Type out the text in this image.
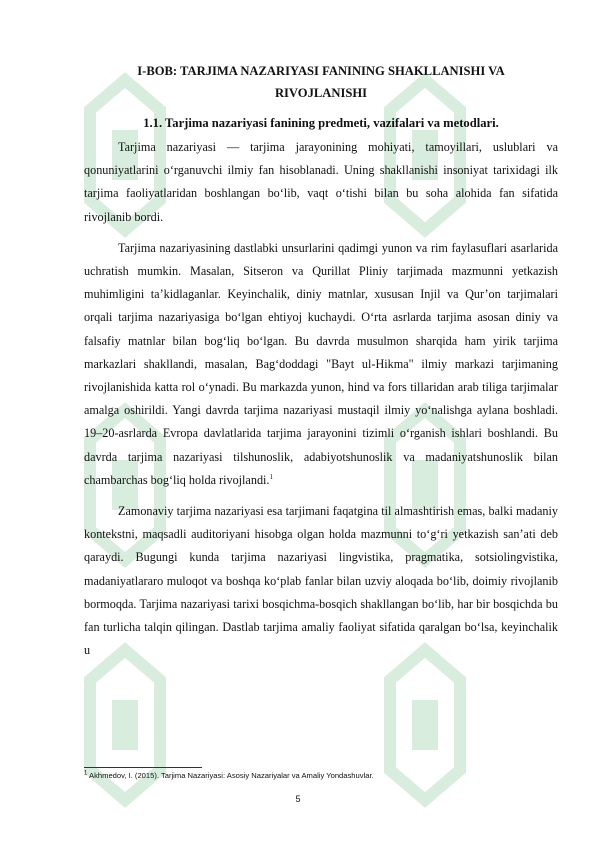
I-BOB: TARJIMA NAZARIYASI FANINING SHAKLLANISHI VA
RIVOJLANISHI

1.1. Tarjima nazariyasi fanining predmeti, vazifalari va metodlari.

Tarjima nazariyasi — tarjima jarayonining mohiyati, tamoyillari, uslublari va qonuniyatlarini o‘rganuvchi ilmiy fan hisoblanadi. Uning shakllanishi insoniyat tarixidagi ilk tarjima faoliyatlaridan boshlangan bo‘lib, vaqt o‘tishi bilan bu soha alohida fan sifatida rivojlanib bordi.

Tarjima nazariyasining dastlabki unsurlarini qadimgi yunon va rim faylasuflari asarlarida uchratish mumkin. Masalan, Sitseron va Qurillat Pliniy tarjimada mazmunni yetkazish muhimligini ta’kidlaganlar. Keyinchalik, diniy matnlar, xususan Injil va Qur’on tarjimalari orqali tarjima nazariyasiga bo‘lgan ehtiyoj kuchaydi. O‘rta asrlarda tarjima asosan diniy va falsafiy matnlar bilan bog‘liq bo‘lgan. Bu davrda musulmon sharqida ham yirik tarjima markazlari shakllandi, masalan, Bag‘doddagi "Bayt ul-Hikma" ilmiy markazi tarjimaning rivojlanishida katta rol o‘ynadi. Bu markazda yunon, hind va fors tillaridan arab tiliga tarjimalar amalga oshirildi. Yangi davrda tarjima nazariyasi mustaqil ilmiy yo‘nalishga aylana boshladi. 19–20-asrlarda Evropa davlatlarida tarjima jarayonini tizimli o‘rganish ishlari boshlandi. Bu davrda tarjima nazariyasi tilshunoslik, adabiyotshunoslik va madaniyatshunoslik bilan chambarchas bog‘liq holda rivojlandi.$^1$

Zamonaviy tarjima nazariyasi esa tarjimani faqatgina til almashtirish emas, balki madaniy kontekstni, maqsadli auditoriyani hisobga olgan holda mazmunni to‘g‘ri yetkazish san’ati deb qaraydi. Bugungi kunda tarjima nazariyasi lingvistika, pragmatika, sotsiolingvistika, madaniyatlararo muloqot va boshqa ko‘plab fanlar bilan uzviy aloqada bo‘lib, doimiy rivojlanib bormoqda. Tarjima nazariyasi tarixi bosqichma-bosqich shakllangan bo‘lib, har bir bosqichda bu fan turlicha talqin qilingan. Dastlab tarjima amaliy faoliyat sifatida qaralgan bo‘lsa, keyinchalik u

$^1$ Akhmedov, I. (2015). Tarjima Nazariyasi: Asosiy Nazariyalar va Amaliy Yondashuvlar.
5
